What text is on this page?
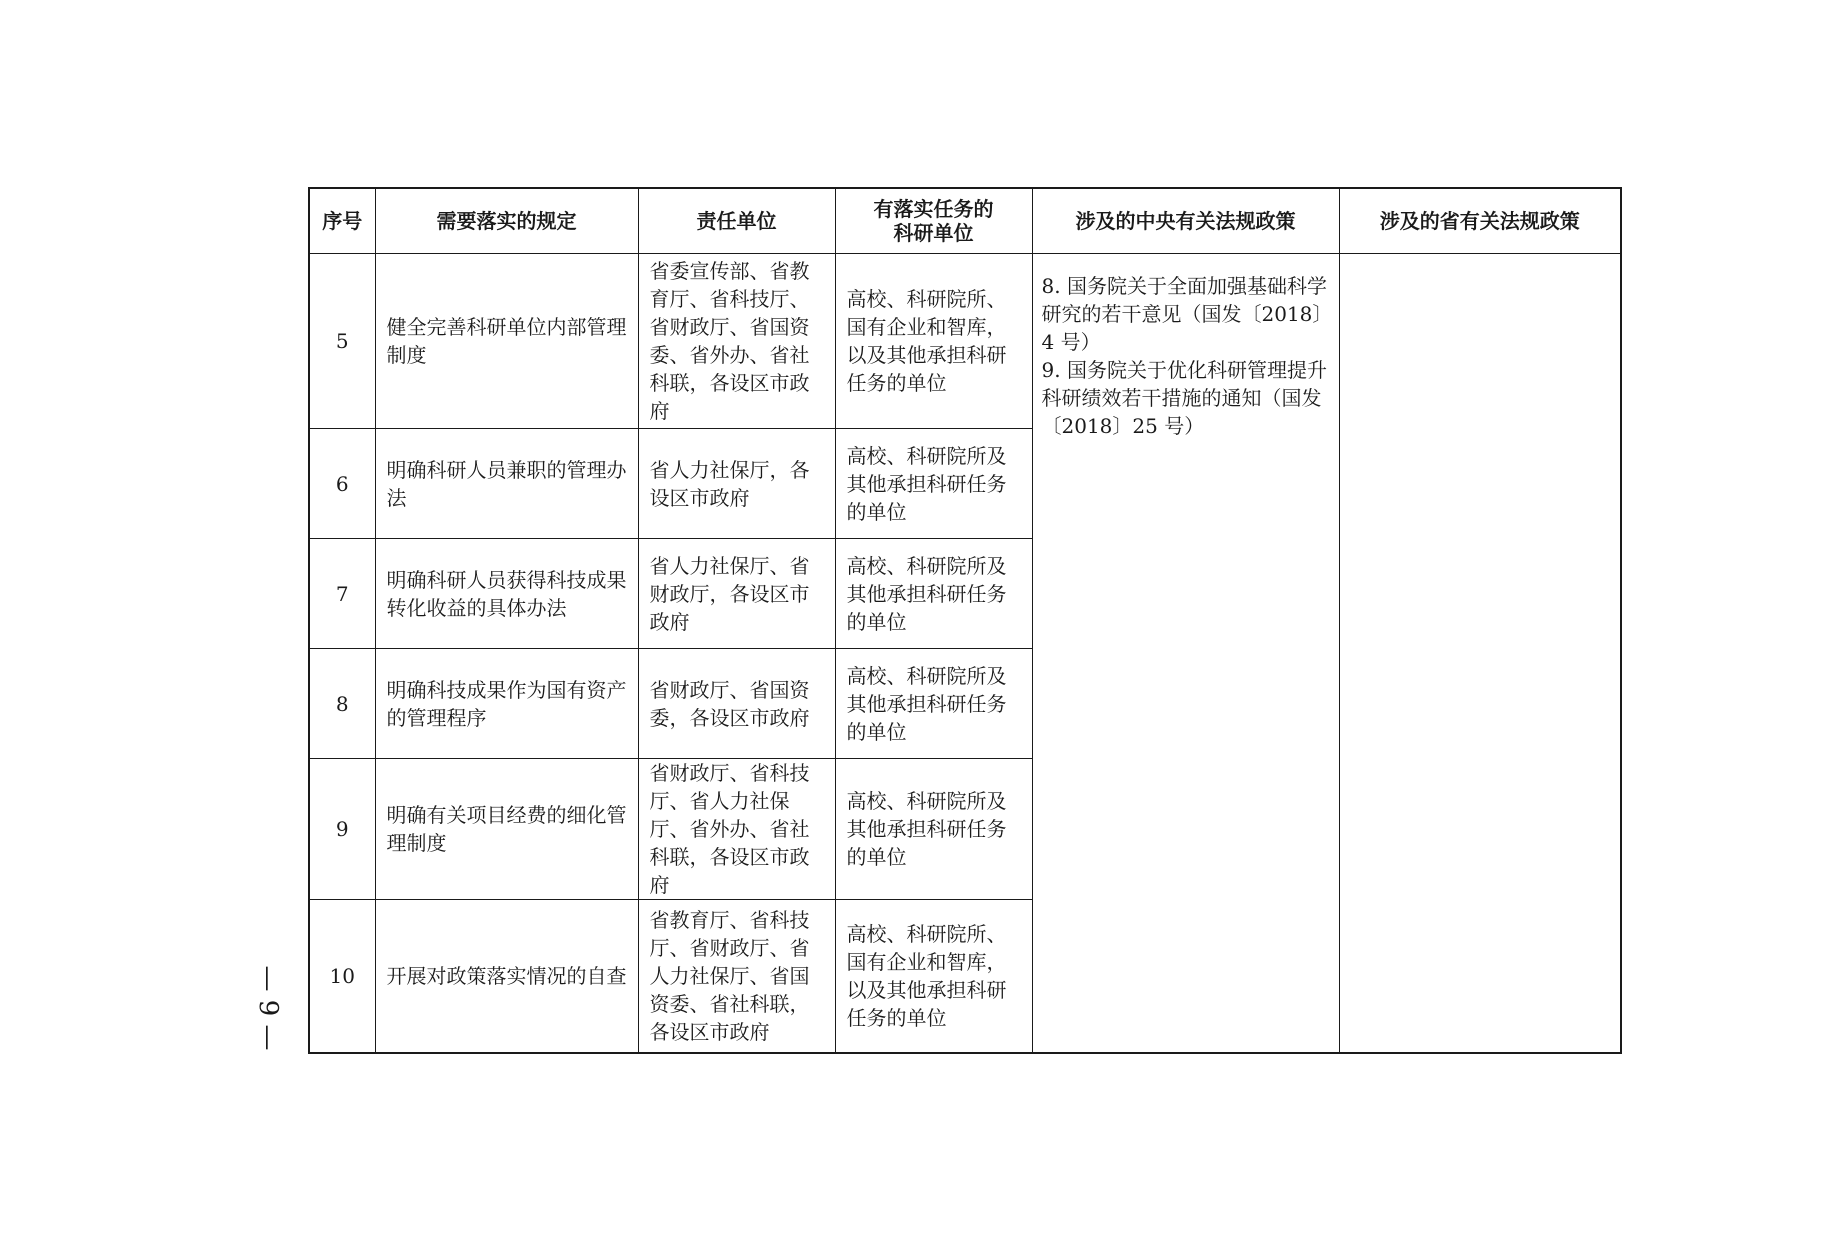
序号	需要落实的规定	责任单位	有落实任务的
科研单位	涉及的中央有关法规政策	涉及的省有关法规政策
5	健全完善科研单位内部管理制度	省委宣传部、省教育厅、省科技厅、省财政厅、省国资委、省外办、省社科联，各设区市政府	高校、科研院所、国有企业和智库，以及其他承担科研任务的单位	8. 国务院关于全面加强基础科学研究的若干意见（国发〔2018〕4 号）
9. 国务院关于优化科研管理提升科研绩效若干措施的通知（国发〔2018〕25 号）	

6	明确科研人员兼职的管理办法	省人力社保厅，各设区市政府	高校、科研院所及其他承担科研任务的单位		
7	明确科研人员获得科技成果转化收益的具体办法	省人力社保厅、省财政厅，各设区市政府	高校、科研院所及其他承担科研任务的单位		
8	明确科技成果作为国有资产的管理程序	省财政厅、省国资委，各设区市政府	高校、科研院所及其他承担科研任务的单位		
9	明确有关项目经费的细化管理制度	省财政厅、省科技厅、省人力社保厅、省外办、省社科联，各设区市政府	高校、科研院所及其他承担科研任务的单位		
10	开展对政策落实情况的自查	省教育厅、省科技厅、省财政厅、省人力社保厅、省国资委、省社科联，各设区市政府	高校、科研院所、国有企业和智库，以及其他承担科研任务的单位		
— 9 —
